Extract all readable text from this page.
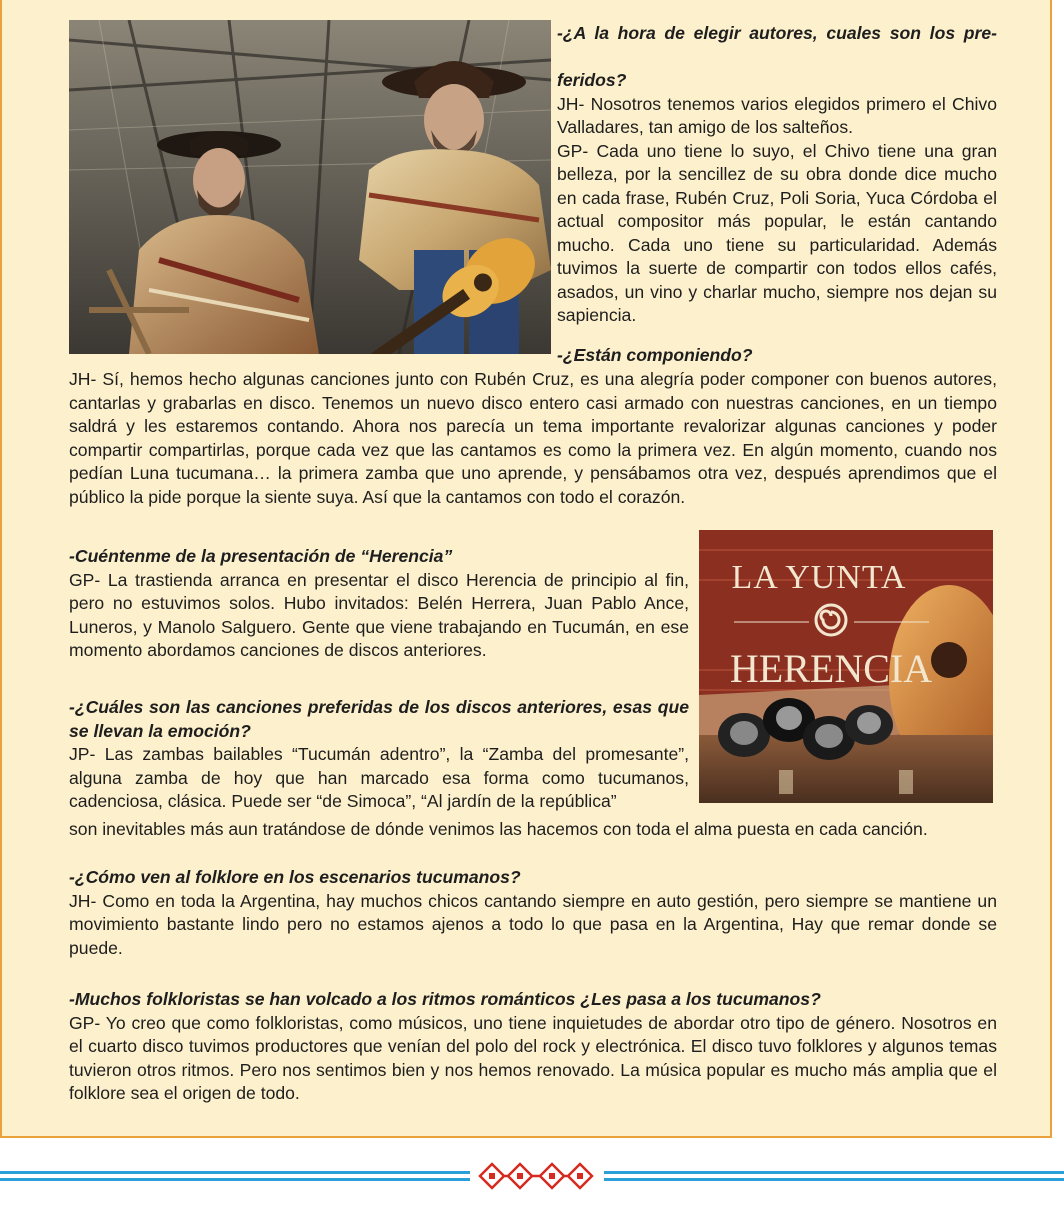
-¿A la hora de elegir autores, cuales son los pre-
feridos?
JH- Nosotros tenemos varios elegidos primero el Chivo Valladares, tan amigo de los salteños.
GP- Cada uno tiene lo suyo, el Chivo tiene una gran belleza, por la sencillez de su obra donde dice mucho en cada frase, Rubén Cruz, Poli Soria, Yuca Córdoba el actual compositor más popular, le están cantando mucho. Cada uno tiene su particularidad. Además tuvimos la suerte de compartir con todos ellos cafés, asados, un vino y charlar mucho, siempre nos dejan su sapiencia.
-¿Están componiendo?
JH- Sí, hemos hecho algunas canciones junto con Rubén Cruz, es una alegría poder componer con buenos autores, cantarlas y grabarlas en disco. Tenemos un nuevo disco entero casi armado con nuestras canciones, en un tiempo saldrá y les estaremos contando. Ahora nos parecía un tema importante revalorizar algunas canciones y poder compartir compartirlas, porque cada vez que las cantamos es como la primera vez. En algún momento, cuando nos pedían Luna tucumana… la primera zamba que uno aprende, y pensábamos otra vez, después aprendimos que el público la pide porque la siente suya. Así que la cantamos con todo el corazón.
-Cuéntenme de la presentación de “Herencia”
GP- La trastienda arranca en presentar el disco Herencia de principio al fin, pero no estuvimos solos. Hubo invitados: Belén Herrera, Juan Pablo Ance, Luneros, y Manolo Salguero. Gente que viene trabajando en Tucumán, en ese momento abordamos canciones de discos anteriores.
-¿Cuáles son las canciones preferidas de los discos anteriores, esas que se llevan la emoción?
JP- Las zambas bailables “Tucumán adentro”, la “Zamba del promesante”, alguna zamba de hoy que han marcado esa forma como tucumanos, cadenciosa, clásica. Puede ser “de Simoca”, “Al jardín de la república”
son inevitables más aun tratándose de dónde venimos las hacemos con toda el alma puesta en cada canción.
LA YUNTA
HERENCIA
-¿Cómo ven al folklore en los escenarios tucumanos?
JH- Como en toda la Argentina, hay muchos chicos cantando siempre en auto gestión, pero siempre se mantiene un movimiento bastante lindo pero no estamos ajenos a todo lo que pasa en la Argentina, Hay que remar donde se puede.
-Muchos folkloristas se han volcado a los ritmos románticos ¿Les pasa a los tucumanos?
GP- Yo creo que como folkloristas, como músicos, uno tiene inquietudes de abordar otro tipo de género. Nosotros en el cuarto disco tuvimos productores que venían del polo del rock y electrónica. El disco tuvo folklores y algunos temas tuvieron otros ritmos. Pero nos sentimos bien y nos hemos renovado. La música popular es mucho más amplia que el folklore sea el origen de todo.
